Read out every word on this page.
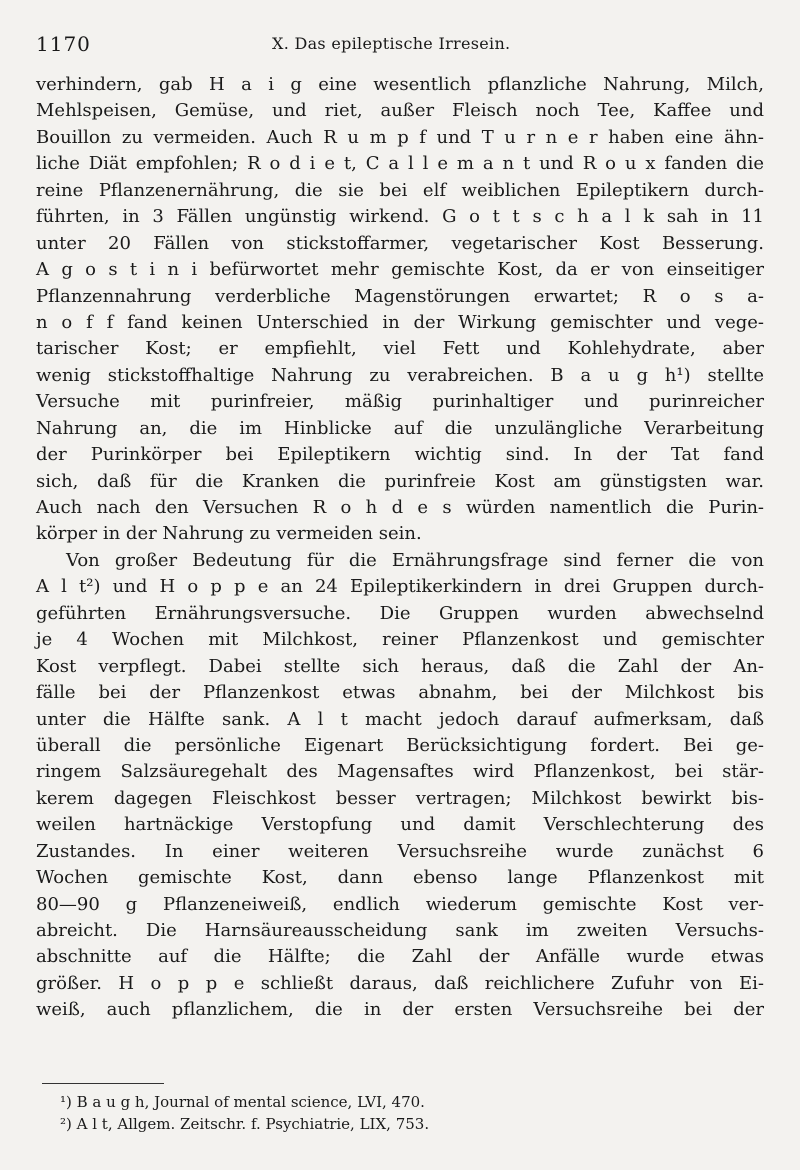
1170	X. Das epileptische Irresein.
verhindern, gab H a i g eine wesentlich pflanzliche Nahrung, Milch,
Mehlspeisen, Gemüse, und riet, außer Fleisch noch Tee, Kaffee und
Bouillon zu vermeiden. Auch R u m p f und T u r n e r haben eine ähn-
liche Diät empfohlen; R o d i e t, C a l l e m a n t und R o u x fanden die
reine Pflanzenernährung, die sie bei elf weiblichen Epileptikern durch-
führten, in 3 Fällen ungünstig wirkend. G o t t s c h a l k sah in 11
unter 20 Fällen von stickstoffarmer, vegetarischer Kost Besserung.
A g o s t i n i befürwortet mehr gemischte Kost, da er von einseitiger
Pflanzennahrung verderbliche Magenstörungen erwartet; R o s a-
n o f f fand keinen Unterschied in der Wirkung gemischter und vege-
tarischer Kost; er empfiehlt, viel Fett und Kohlehydrate, aber
wenig stickstoffhaltige Nahrung zu verabreichen. B a u g h¹) stellte
Versuche mit purinfreier, mäßig purinhaltiger und purinreicher
Nahrung an, die im Hinblicke auf die unzulängliche Verarbeitung
der Purinkörper bei Epileptikern wichtig sind. In der Tat fand
sich, daß für die Kranken die purinfreie Kost am günstigsten war.
Auch nach den Versuchen R o h d e s würden namentlich die Purin-
körper in der Nahrung zu vermeiden sein.
Von großer Bedeutung für die Ernährungsfrage sind ferner die von
A l t²) und H o p p e an 24 Epileptikerkindern in drei Gruppen durch-
geführten Ernährungsversuche. Die Gruppen wurden abwechselnd
je 4 Wochen mit Milchkost, reiner Pflanzenkost und gemischter
Kost verpflegt. Dabei stellte sich heraus, daß die Zahl der An-
fälle bei der Pflanzenkost etwas abnahm, bei der Milchkost bis
unter die Hälfte sank. A l t macht jedoch darauf aufmerksam, daß
überall die persönliche Eigenart Berücksichtigung fordert. Bei ge-
ringem Salzsäuregehalt des Magensaftes wird Pflanzenkost, bei stär-
kerem dagegen Fleischkost besser vertragen; Milchkost bewirkt bis-
weilen hartnäckige Verstopfung und damit Verschlechterung des
Zustandes. In einer weiteren Versuchsreihe wurde zunächst 6
Wochen gemischte Kost, dann ebenso lange Pflanzenkost mit
80—90 g Pflanzeneiweiß, endlich wiederum gemischte Kost ver-
abreicht. Die Harnsäureausscheidung sank im zweiten Versuchs-
abschnitte auf die Hälfte; die Zahl der Anfälle wurde etwas
größer. H o p p e schließt daraus, daß reichlichere Zufuhr von Ei-
weiß, auch pflanzlichem, die in der ersten Versuchsreihe bei der
¹) B a u g h, Journal of mental science, LVI, 470.
²) A l t, Allgem. Zeitschr. f. Psychiatrie, LIX, 753.
